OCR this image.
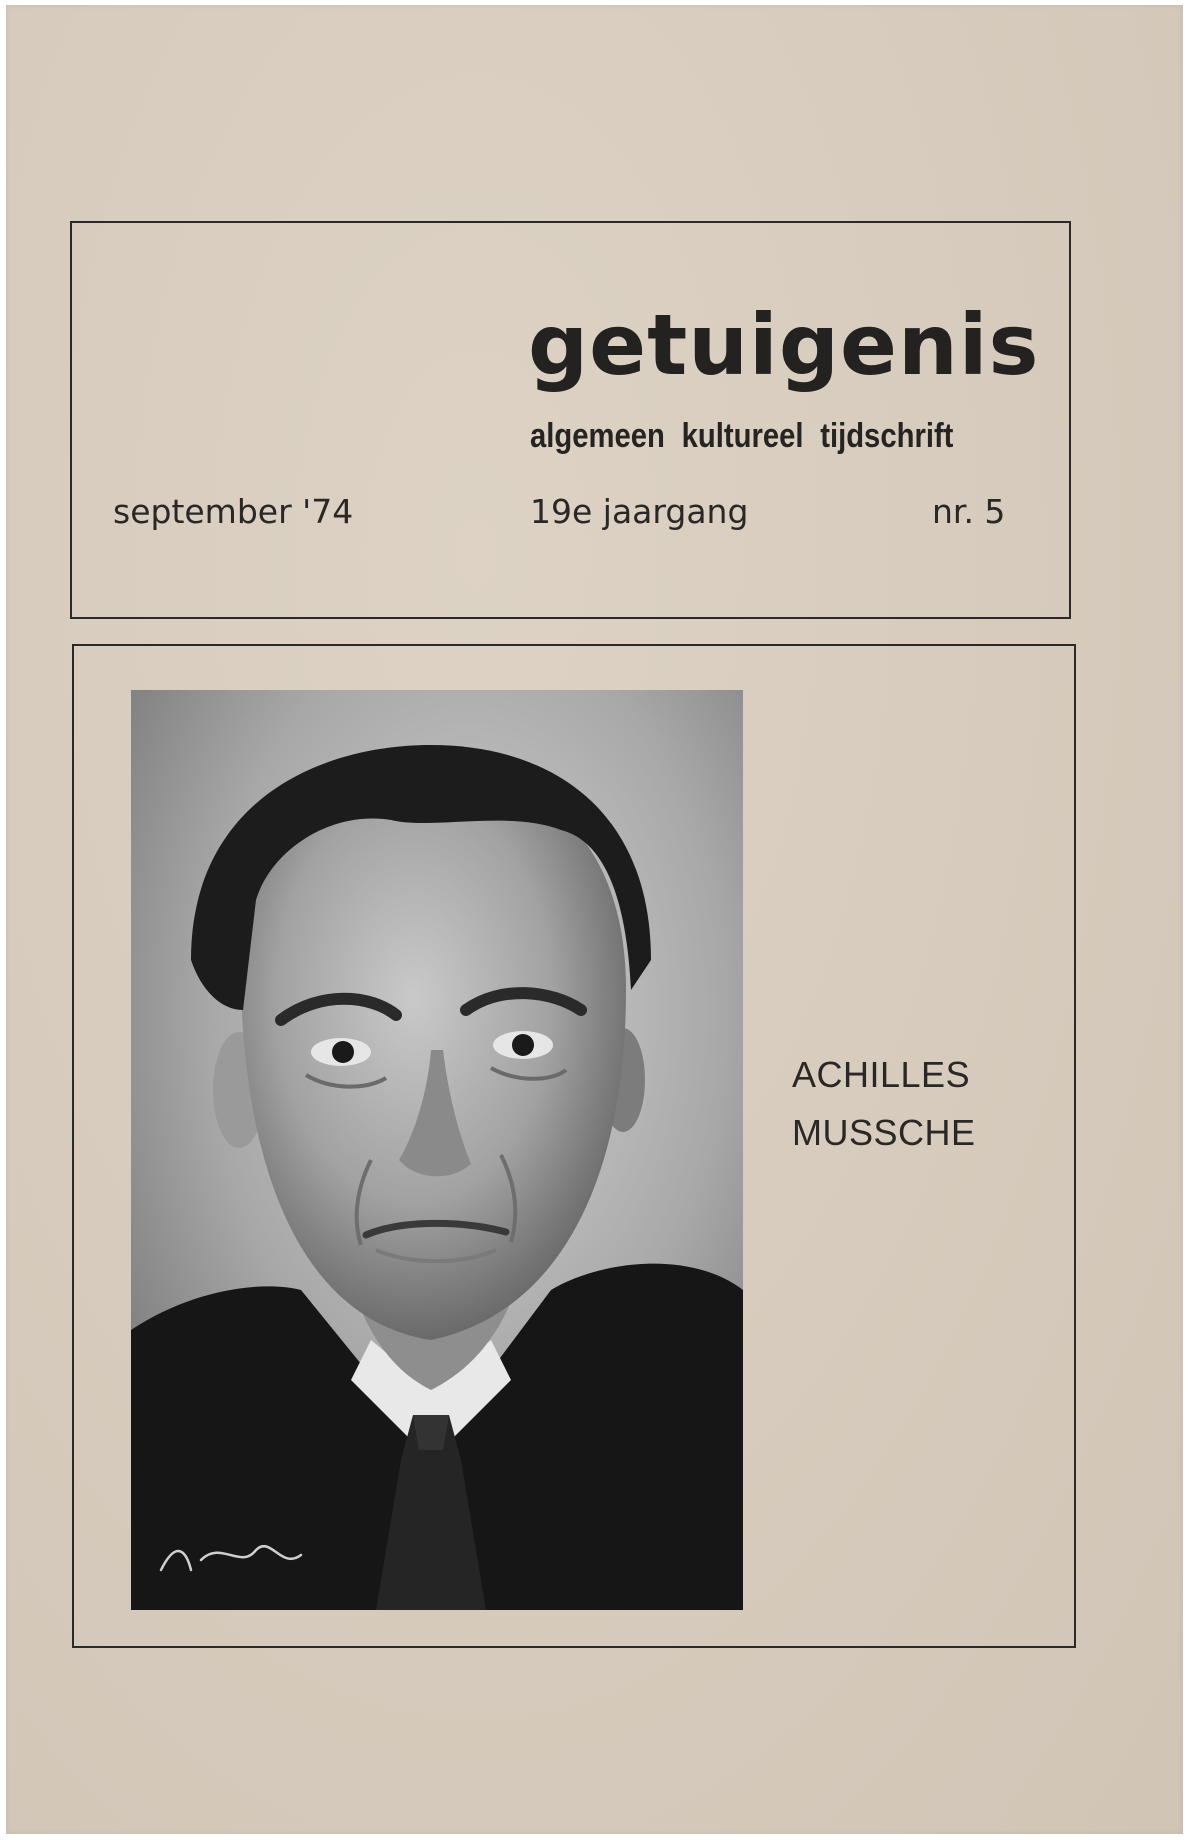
getuigenis
algemeen kultureel tijdschrift
september '74	19e jaargang	nr. 5
ACHILLES
MUSSCHE
